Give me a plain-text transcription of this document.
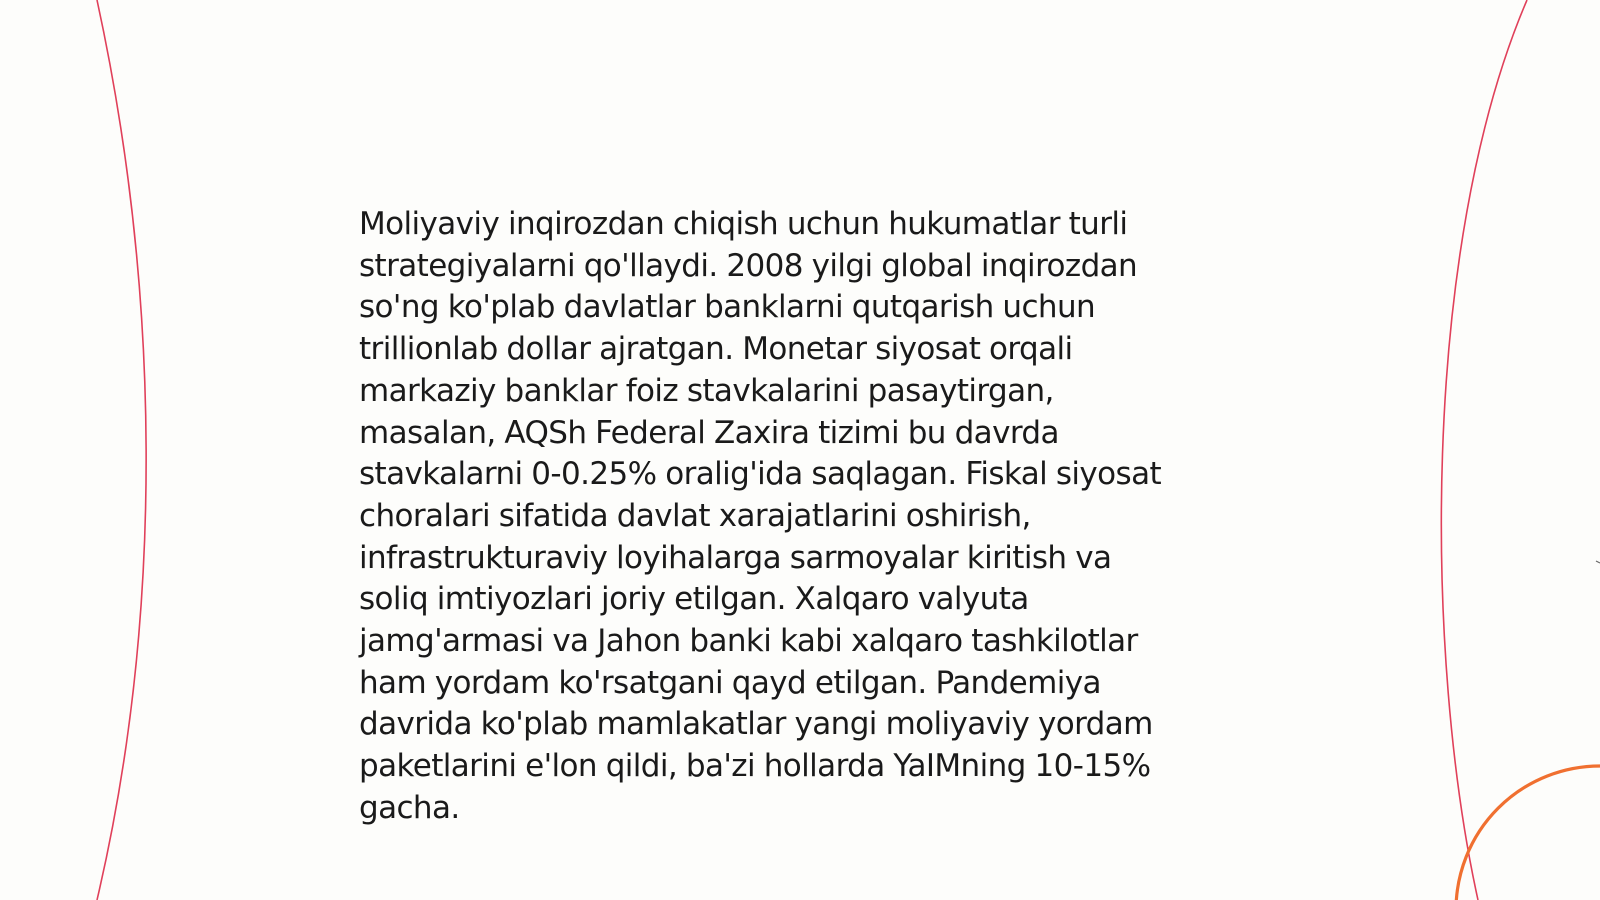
Moliyaviy inqirozdan chiqish uchun hukumatlar turli
strategiyalarni qo'llaydi. 2008 yilgi global inqirozdan
so'ng ko'plab davlatlar banklarni qutqarish uchun
trillionlab dollar ajratgan. Monetar siyosat orqali
markaziy banklar foiz stavkalarini pasaytirgan,
masalan, AQSh Federal Zaxira tizimi bu davrda
stavkalarni 0-0.25% oralig'ida saqlagan. Fiskal siyosat
choralari sifatida davlat xarajatlarini oshirish,
infrastrukturaviy loyihalarga sarmoyalar kiritish va
soliq imtiyozlari joriy etilgan. Xalqaro valyuta
jamg'armasi va Jahon banki kabi xalqaro tashkilotlar
ham yordam ko'rsatgani qayd etilgan. Pandemiya
davrida ko'plab mamlakatlar yangi moliyaviy yordam
paketlarini e'lon qildi, ba'zi hollarda YaIMning 10-15%
gacha.
